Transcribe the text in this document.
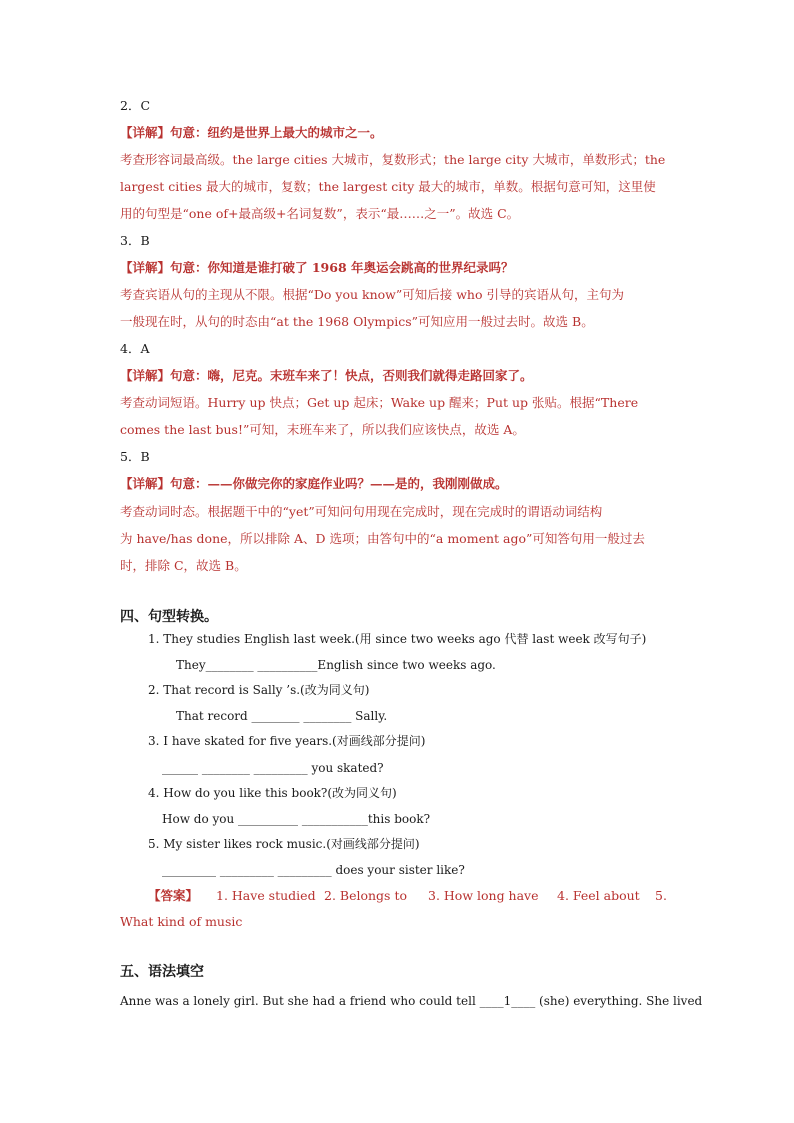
2．C
【详解】句意：纽约是世界上最大的城市之一。
考查形容词最高级。the large cities 大城市，复数形式；the large city 大城市，单数形式；the
largest cities 最大的城市，复数；the largest city 最大的城市，单数。根据句意可知，这里使
用的句型是“one of+最高级+名词复数”，表示“最……之一”。故选 C。
3．B
【详解】句意：你知道是谁打破了 1968 年奥运会跳高的世界纪录吗？
考查宾语从句的主现从不限。根据“Do you know”可知后接 who 引导的宾语从句，主句为
一般现在时，从句的时态由“at the 1968 Olympics”可知应用一般过去时。故选 B。
4．A
【详解】句意：嗨，尼克。末班车来了！快点，否则我们就得走路回家了。
考查动词短语。Hurry up 快点；Get up 起床；Wake up 醒来；Put up 张贴。根据“There
comes the last bus!”可知，末班车来了，所以我们应该快点，故选 A。
5．B
【详解】句意：——你做完你的家庭作业吗？——是的，我刚刚做成。
考查动词时态。根据题干中的“yet”可知问句用现在完成时，现在完成时的谓语动词结构
为 have/has done，所以排除 A、D 选项；由答句中的“a moment ago”可知答句用一般过去
时，排除 C，故选 B。
四、句型转换。
1. They studies English last week.(用 since two weeks ago 代替 last week 改写句子)
They________ __________English since two weeks ago.
2. That record is Sally ’s.(改为同义句)
That record ________ ________ Sally.
3. I have skated for five years.(对画线部分提问)
______ ________ _________ you skated?
4. How do you like this book?(改为同义句)
How do you __________ ___________this book?
5. My sister likes rock music.(对画线部分提问)
_________ _________ _________ does your sister like?
【答案】 1. Have studied 2. Belongs to 3. How long have 4. Feel about 5.
What kind of music
五、语法填空
Anne was a lonely girl. But she had a friend who could tell ____1____ (she) everything. She lived
